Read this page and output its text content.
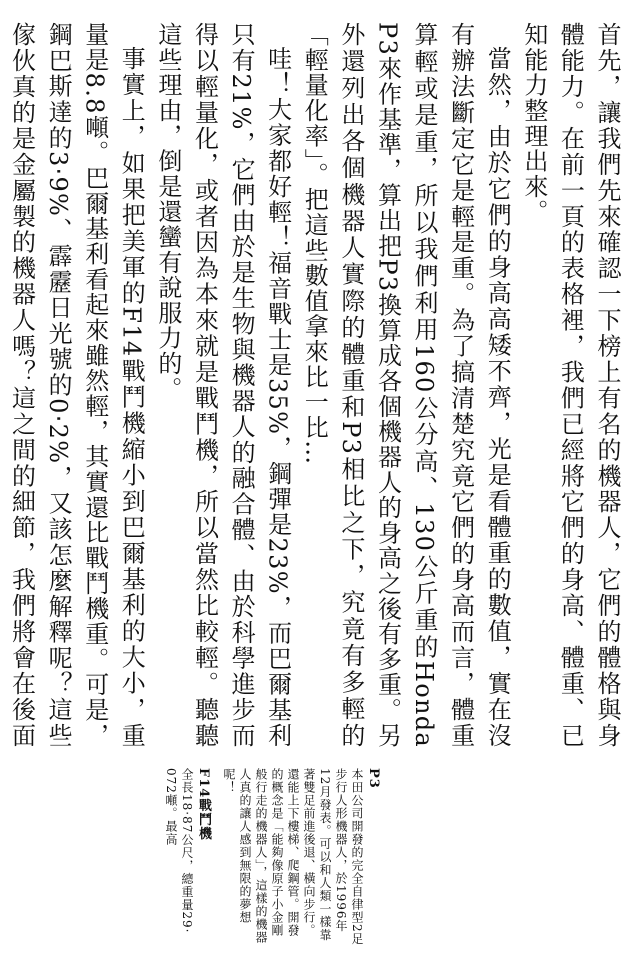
首先，讓我們先來確認一下榜上有名的機器人，它們的體格與身體能力。在前一頁的表格裡，我們已經將它們的身高、體重、已知能力整理出來。

當然，由於它們的身高高矮不齊，光是看體重的數值，實在沒有辦法斷定它是輕是重。為了搞清楚究竟它們的身高而言，體重算輕或是重，所以我們利用160公分高、130公斤重的Honda P3來作基準，算出把P3換算成各個機器人的身高之後有多重。另外還列出各個機器人實際的體重和P3相比之下，究竟有多輕的「輕量化率」。把這些數值拿來比一比…

哇！大家都好輕！福音戰士是35%，鋼彈是23%，而巴爾基利只有21%，它們由於是生物與機器人的融合體、由於科學進步而得以輕量化，或者因為本來就是戰鬥機，所以當然比較輕。聽聽這些理由，倒是還蠻有說服力的。

事實上，如果把美軍的F14戰鬥機縮小到巴爾基利的大小，重量是8.8噸。巴爾基利看起來雖然輕，其實還比戰鬥機重。可是，鋼巴斯達的3‧9%、霹靂日光號的0‧2%，又該怎麼解釋呢？這些傢伙真的是金屬製的機器人嗎？這之間的細節，我們將會在後面

P3
本田公司開發的完全自律型2足步行人形機器人，於1996年12月發表。可以和人類一樣靠著雙足前進後退、橫向步行。還能上下樓梯、爬鋼管。開發的概念是「能夠像原子小金剛般行走的機器人」，這樣的機器人真的讓人感到無限的夢想呢！
F14戰鬥機
全長18‧87公尺，總重量29‧072噸。最高
